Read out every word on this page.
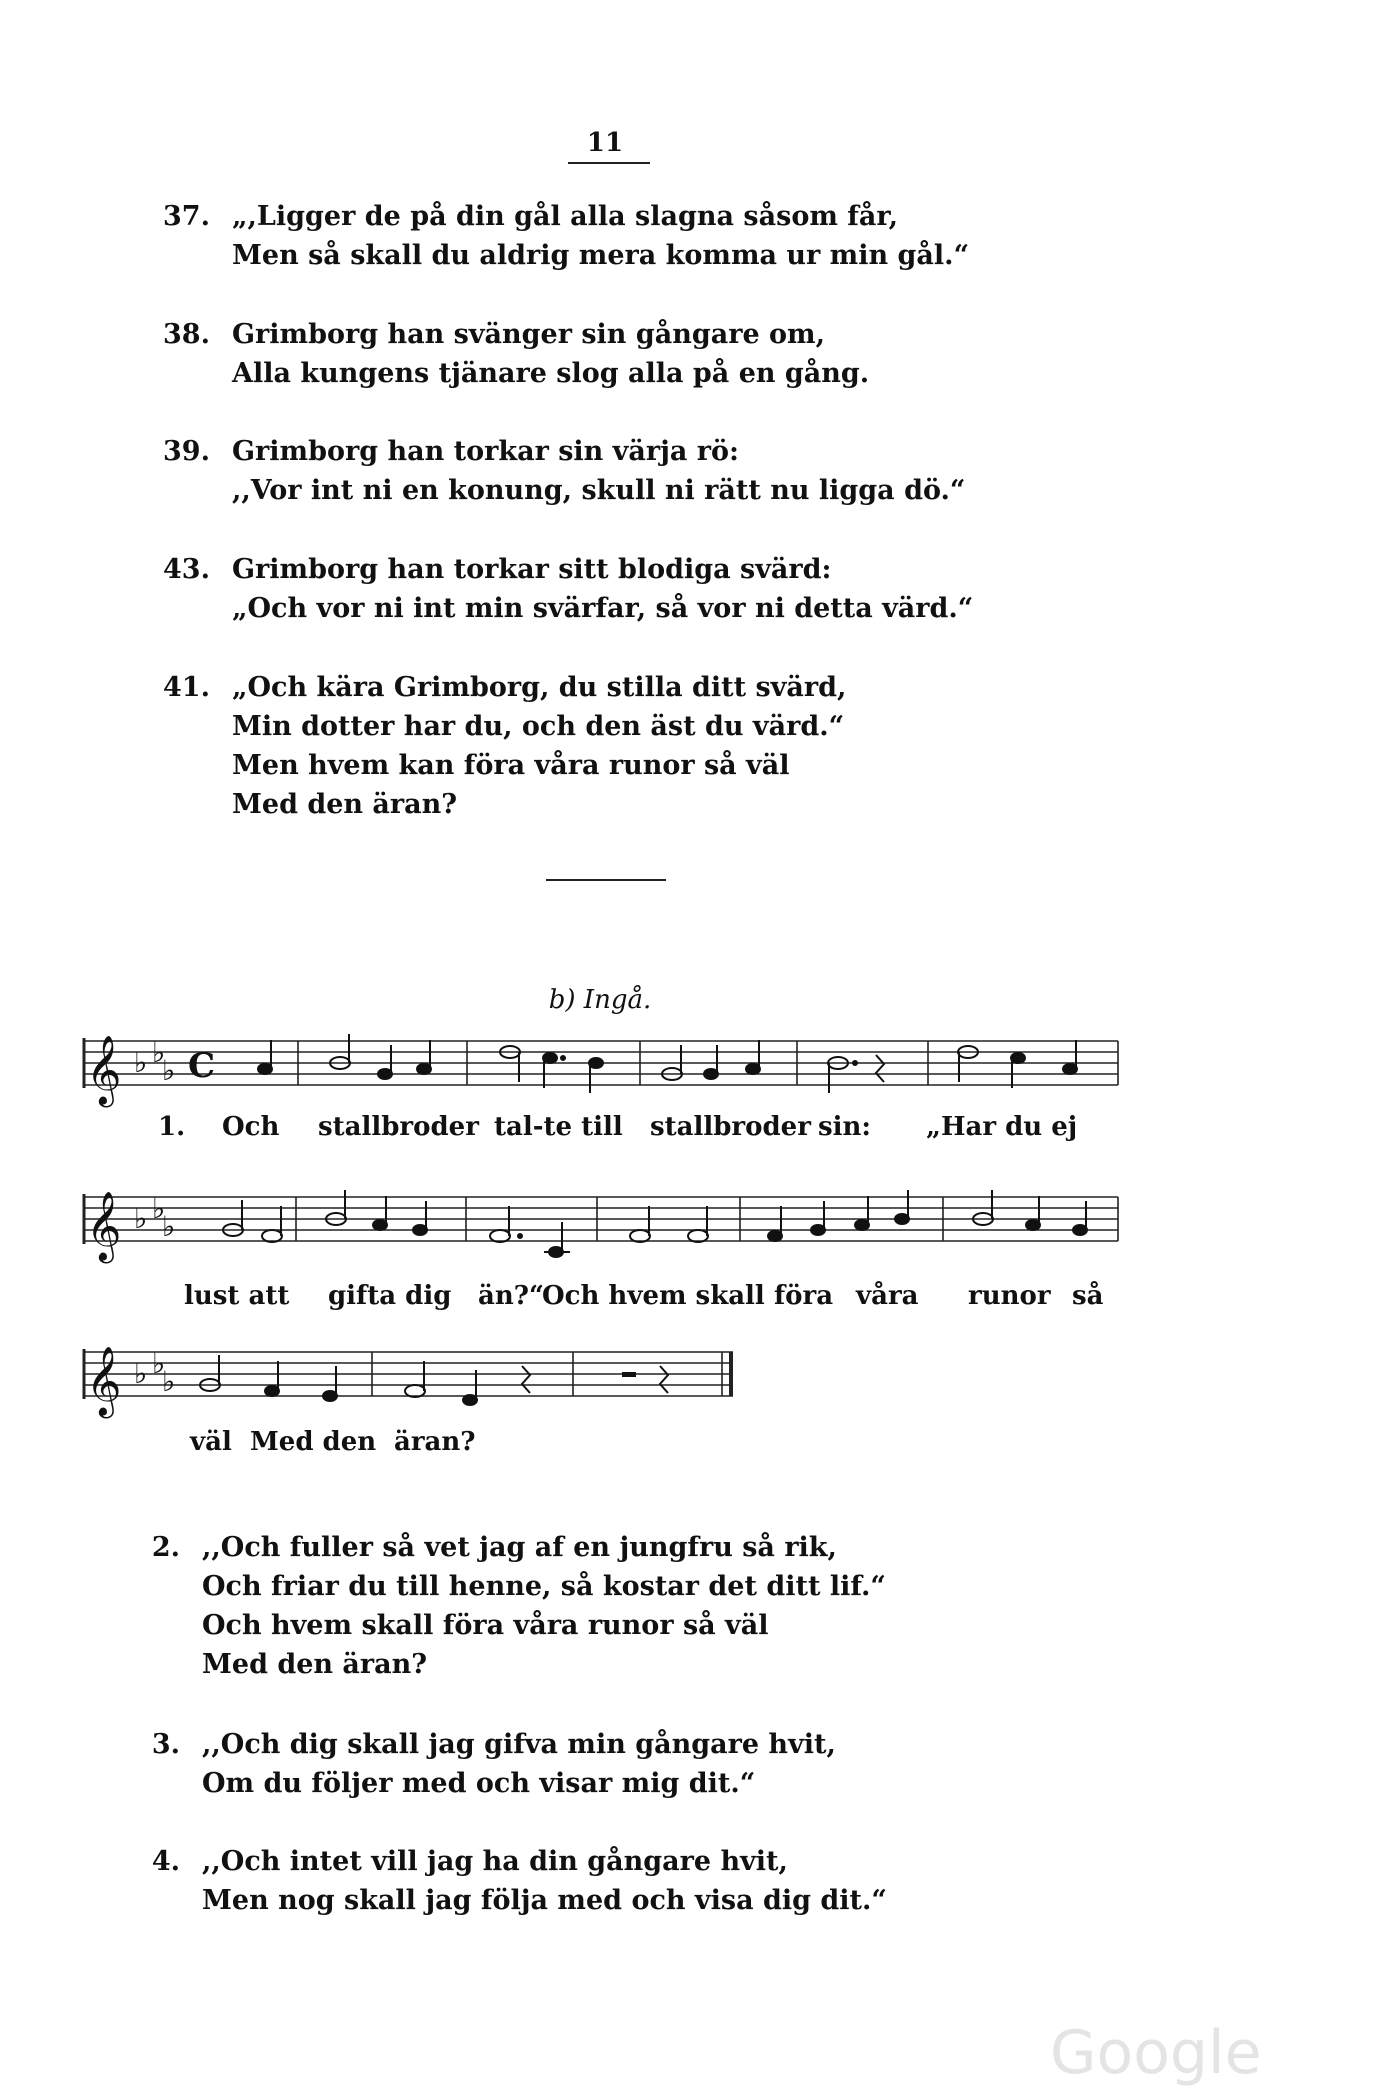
11
37. „,Ligger de på din gål alla slagna såsom får,
Men så skall du aldrig mera komma ur min gål.“
38. Grimborg han svänger sin gångare om,
Alla kungens tjänare slog alla på en gång.
39. Grimborg han torkar sin värja rö:
,,Vor int ni en konung, skull ni rätt nu ligga dö.“
43. Grimborg han torkar sitt blodiga svärd:
„Och vor ni int min svärfar, så vor ni detta värd.“
41. „Och kära Grimborg, du stilla ditt svärd,
Min dotter har du, och den äst du värd.“
Men hvem kan föra våra runor så väl
Med den äran?
b) Ingå.
𝄞 ♭ ♭
♭ C
𝄞 ♭ ♭
♭
𝄞 ♭ ♭
♭
1. Och stallbroder tal-te till stallbroder sin: „Har du ej
lust att gifta dig än?“
Och hvem skall föra våra runor så
väl Med den äran?
2. ,,Och fuller så vet jag af en jungfru så rik,
Och friar du till henne, så kostar det ditt lif.“
Och hvem skall föra våra runor så väl
Med den äran?
3. ,,Och dig skall jag gifva min gångare hvit,
Om du följer med och visar mig dit.“
4. ,,Och intet vill jag ha din gångare hvit,
Men nog skall jag följa med och visa dig dit.“
Google
